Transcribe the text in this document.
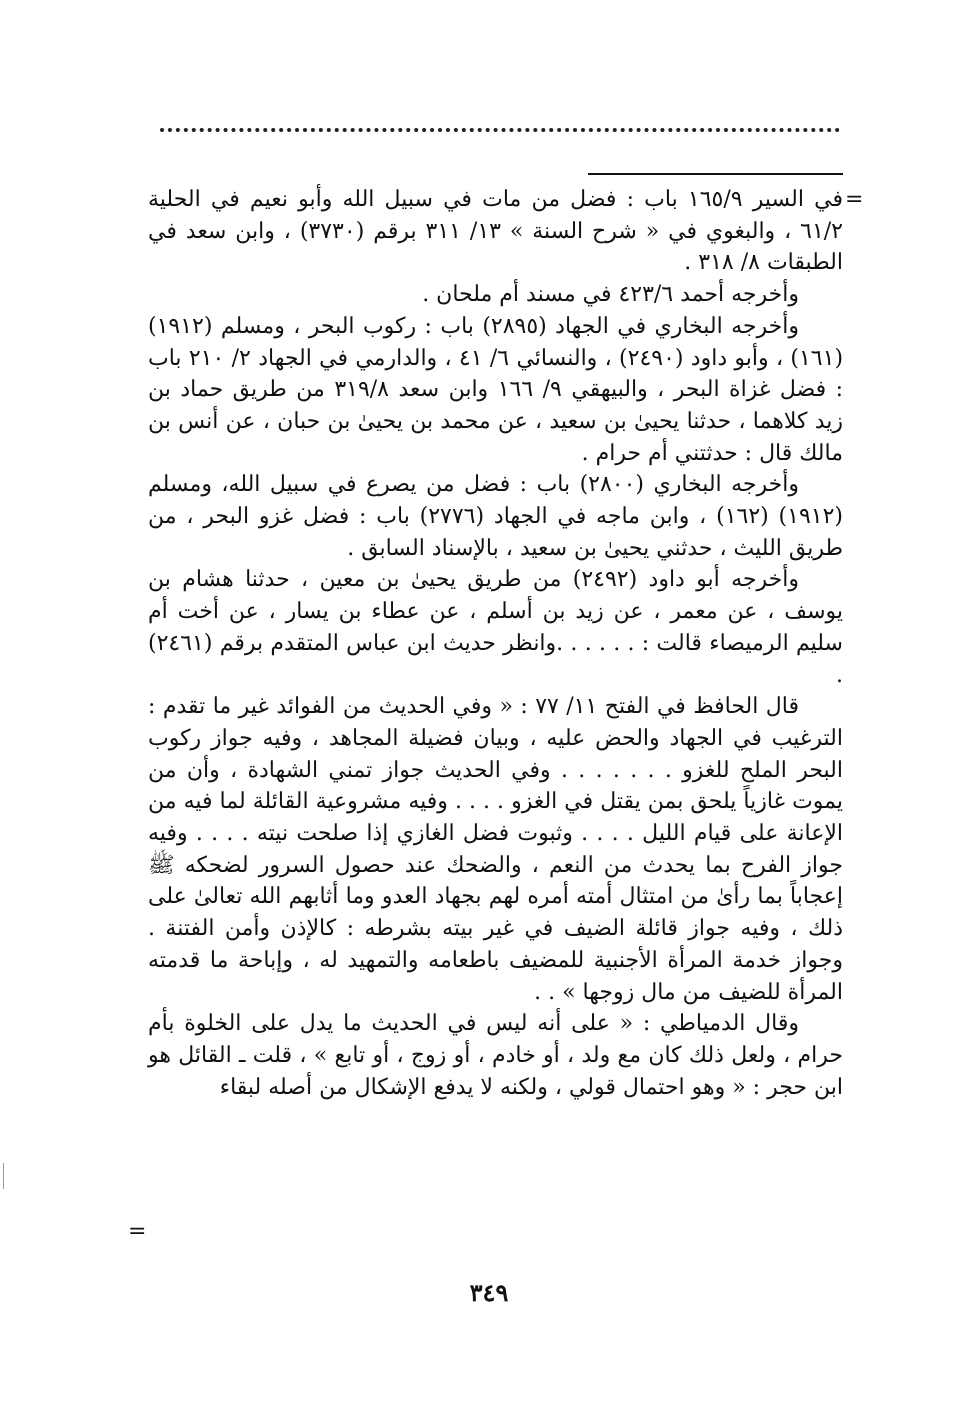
=

في السير ١٦٥/٩ باب : فضل من مات في سبيل الله وأبو نعيم في الحلية ٦١/٢ ، والبغوي في « شرح السنة » ١٣/ ٣١١ برقم (٣٧٣٠) ، وابن سعد في الطبقات ٨/ ٣١٨ .

وأخرجه أحمد ٤٢٣/٦ في مسند أم ملحان .

وأخرجه البخاري في الجهاد (٢٨٩٥) باب : ركوب البحر ، ومسلم (١٩١٢) (١٦١) ، وأبو داود (٢٤٩٠) ، والنسائي ٦/ ٤١ ، والدارمي في الجهاد ٢/ ٢١٠ باب : فضل غزاة البحر ، والبيهقي ٩/ ١٦٦ وابن سعد ٣١٩/٨ من طريق حماد بن زيد كلاهما ، حدثنا يحيىٰ بن سعيد ، عن محمد بن يحيىٰ بن حبان ، عن أنس بن مالك قال : حدثتني أم حرام .

وأخرجه البخاري (٢٨٠٠) باب : فضل من يصرع في سبيل الله، ومسلم (١٩١٢) (١٦٢) ، وابن ماجه في الجهاد (٢٧٧٦) باب : فضل غزو البحر ، من طريق الليث ، حدثني يحيىٰ بن سعيد ، بالإسناد السابق .

وأخرجه أبو داود (٢٤٩٢) من طريق يحيىٰ بن معين ، حدثنا هشام بن يوسف ، عن معمر ، عن زيد بن أسلم ، عن عطاء بن يسار ، عن أخت أم سليم الرميصاء قالت : . . . . . .وانظر حديث ابن عباس المتقدم برقم (٢٤٦١) .

قال الحافظ في الفتح ١١/ ٧٧ : « وفي الحديث من الفوائد غير ما تقدم : الترغيب في الجهاد والحض عليه ، وبيان فضيلة المجاهد ، وفيه جواز ركوب البحر الملح للغزو . . . . . . . وفي الحديث جواز تمني الشهادة ، وأن من يموت غازياً يلحق بمن يقتل في الغزو . . . . وفيه مشروعية القائلة لما فيه من الإعانة على قيام الليل . . . . وثبوت فضل الغازي إذا صلحت نيته . . . . وفيه جواز الفرح بما يحدث من النعم ، والضحك عند حصول السرور لضحكه ﷺ إعجاباً بما رأىٰ من امتثال أمته أمره لهم بجهاد العدو وما أثابهم الله تعالىٰ على ذلك ، وفيه جواز قائلة الضيف في غير بيته بشرطه : كالإذن وأمن الفتنة . وجواز خدمة المرأة الأجنبية للمضيف باطعامه والتمهيد له ، وإباحة ما قدمته المرأة للضيف من مال زوجها » . .

وقال الدمياطي : « على أنه ليس في الحديث ما يدل على الخلوة بأم حرام ، ولعل ذلك كان مع ولد ، أو خادم ، أو زوج ، أو تابع » ، قلت ـ القائل هو ابن حجر : « وهو احتمال قولي ، ولكنه لا يدفع الإشكال من أصله لبقاء

=
٣٤٩
